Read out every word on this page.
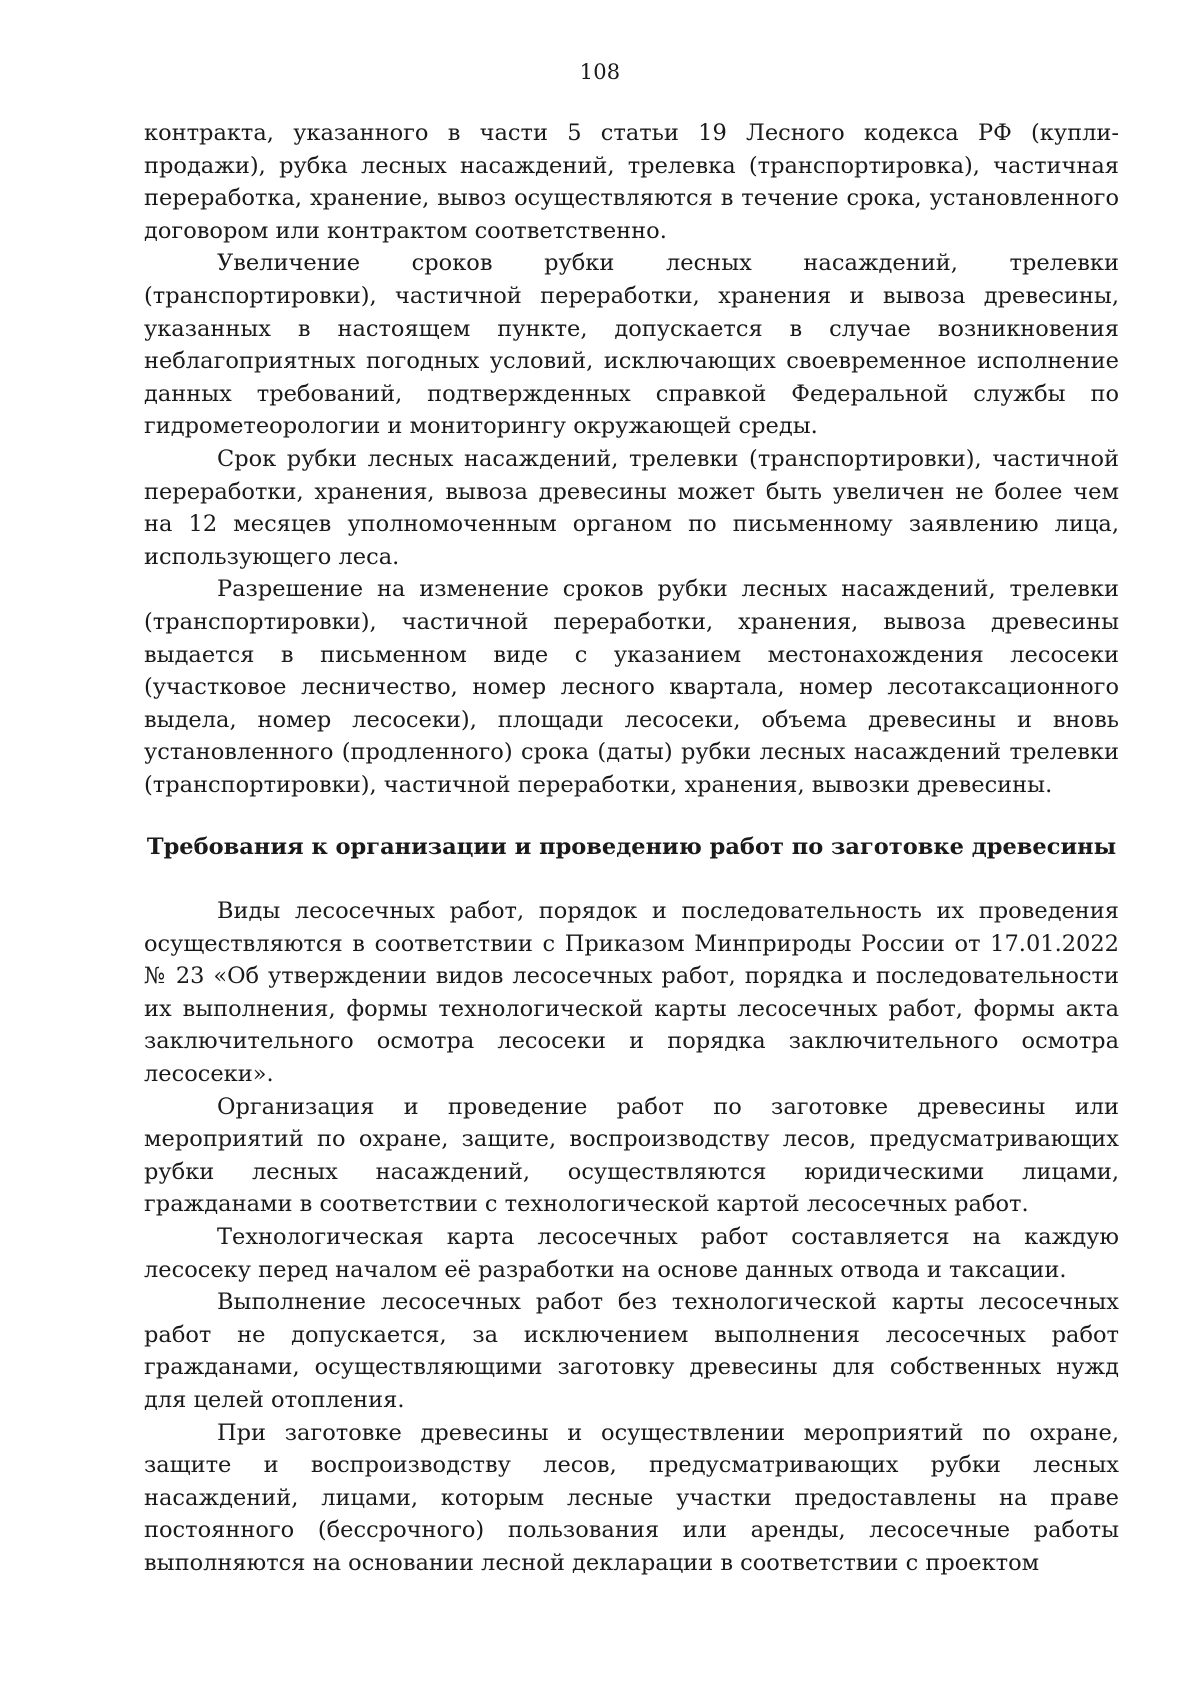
108

контракта, указанного в части 5 статьи 19 Лесного кодекса РФ (купли-продажи), рубка лесных насаждений, трелевка (транспортировка), частичная переработка, хранение, вывоз осуществляются в течение срока, установленного договором или контрактом соответственно.

Увеличение сроков рубки лесных насаждений, трелевки (транспортировки), частичной переработки, хранения и вывоза древесины, указанных в настоящем пункте, допускается в случае возникновения неблагоприятных погодных условий, исключающих своевременное исполнение данных требований, подтвержденных справкой Федеральной службы по гидрометеорологии и мониторингу окружающей среды.

Срок рубки лесных насаждений, трелевки (транспортировки), частичной переработки, хранения, вывоза древесины может быть увеличен не более чем на 12 месяцев уполномоченным органом по письменному заявлению лица, использующего леса.

Разрешение на изменение сроков рубки лесных насаждений, трелевки (транспортировки), частичной переработки, хранения, вывоза древесины выдается в письменном виде с указанием местонахождения лесосеки (участковое лесничество, номер лесного квартала, номер лесотаксационного выдела, номер лесосеки), площади лесосеки, объема древесины и вновь установленного (продленного) срока (даты) рубки лесных насаждений трелевки (транспортировки), частичной переработки, хранения, вывозки древесины.

Требования к организации и проведению работ по заготовке древесины

Виды лесосечных работ, порядок и последовательность их проведения осуществляются в соответствии с Приказом Минприроды России от 17.01.2022 № 23 «Об утверждении видов лесосечных работ, порядка и последовательности их выполнения, формы технологической карты лесосечных работ, формы акта заключительного осмотра лесосеки и порядка заключительного осмотра лесосеки».

Организация и проведение работ по заготовке древесины или мероприятий по охране, защите, воспроизводству лесов, предусматривающих рубки лесных насаждений, осуществляются юридическими лицами, гражданами в соответствии с технологической картой лесосечных работ.

Технологическая карта лесосечных работ составляется на каждую лесосеку перед началом её разработки на основе данных отвода и таксации.

Выполнение лесосечных работ без технологической карты лесосечных работ не допускается, за исключением выполнения лесосечных работ гражданами, осуществляющими заготовку древесины для собственных нужд для целей отопления.

При заготовке древесины и осуществлении мероприятий по охране, защите и воспроизводству лесов, предусматривающих рубки лесных насаждений, лицами, которым лесные участки предоставлены на праве постоянного (бессрочного) пользования или аренды, лесосечные работы выполняются на основании лесной декларации в соответствии с проектом
